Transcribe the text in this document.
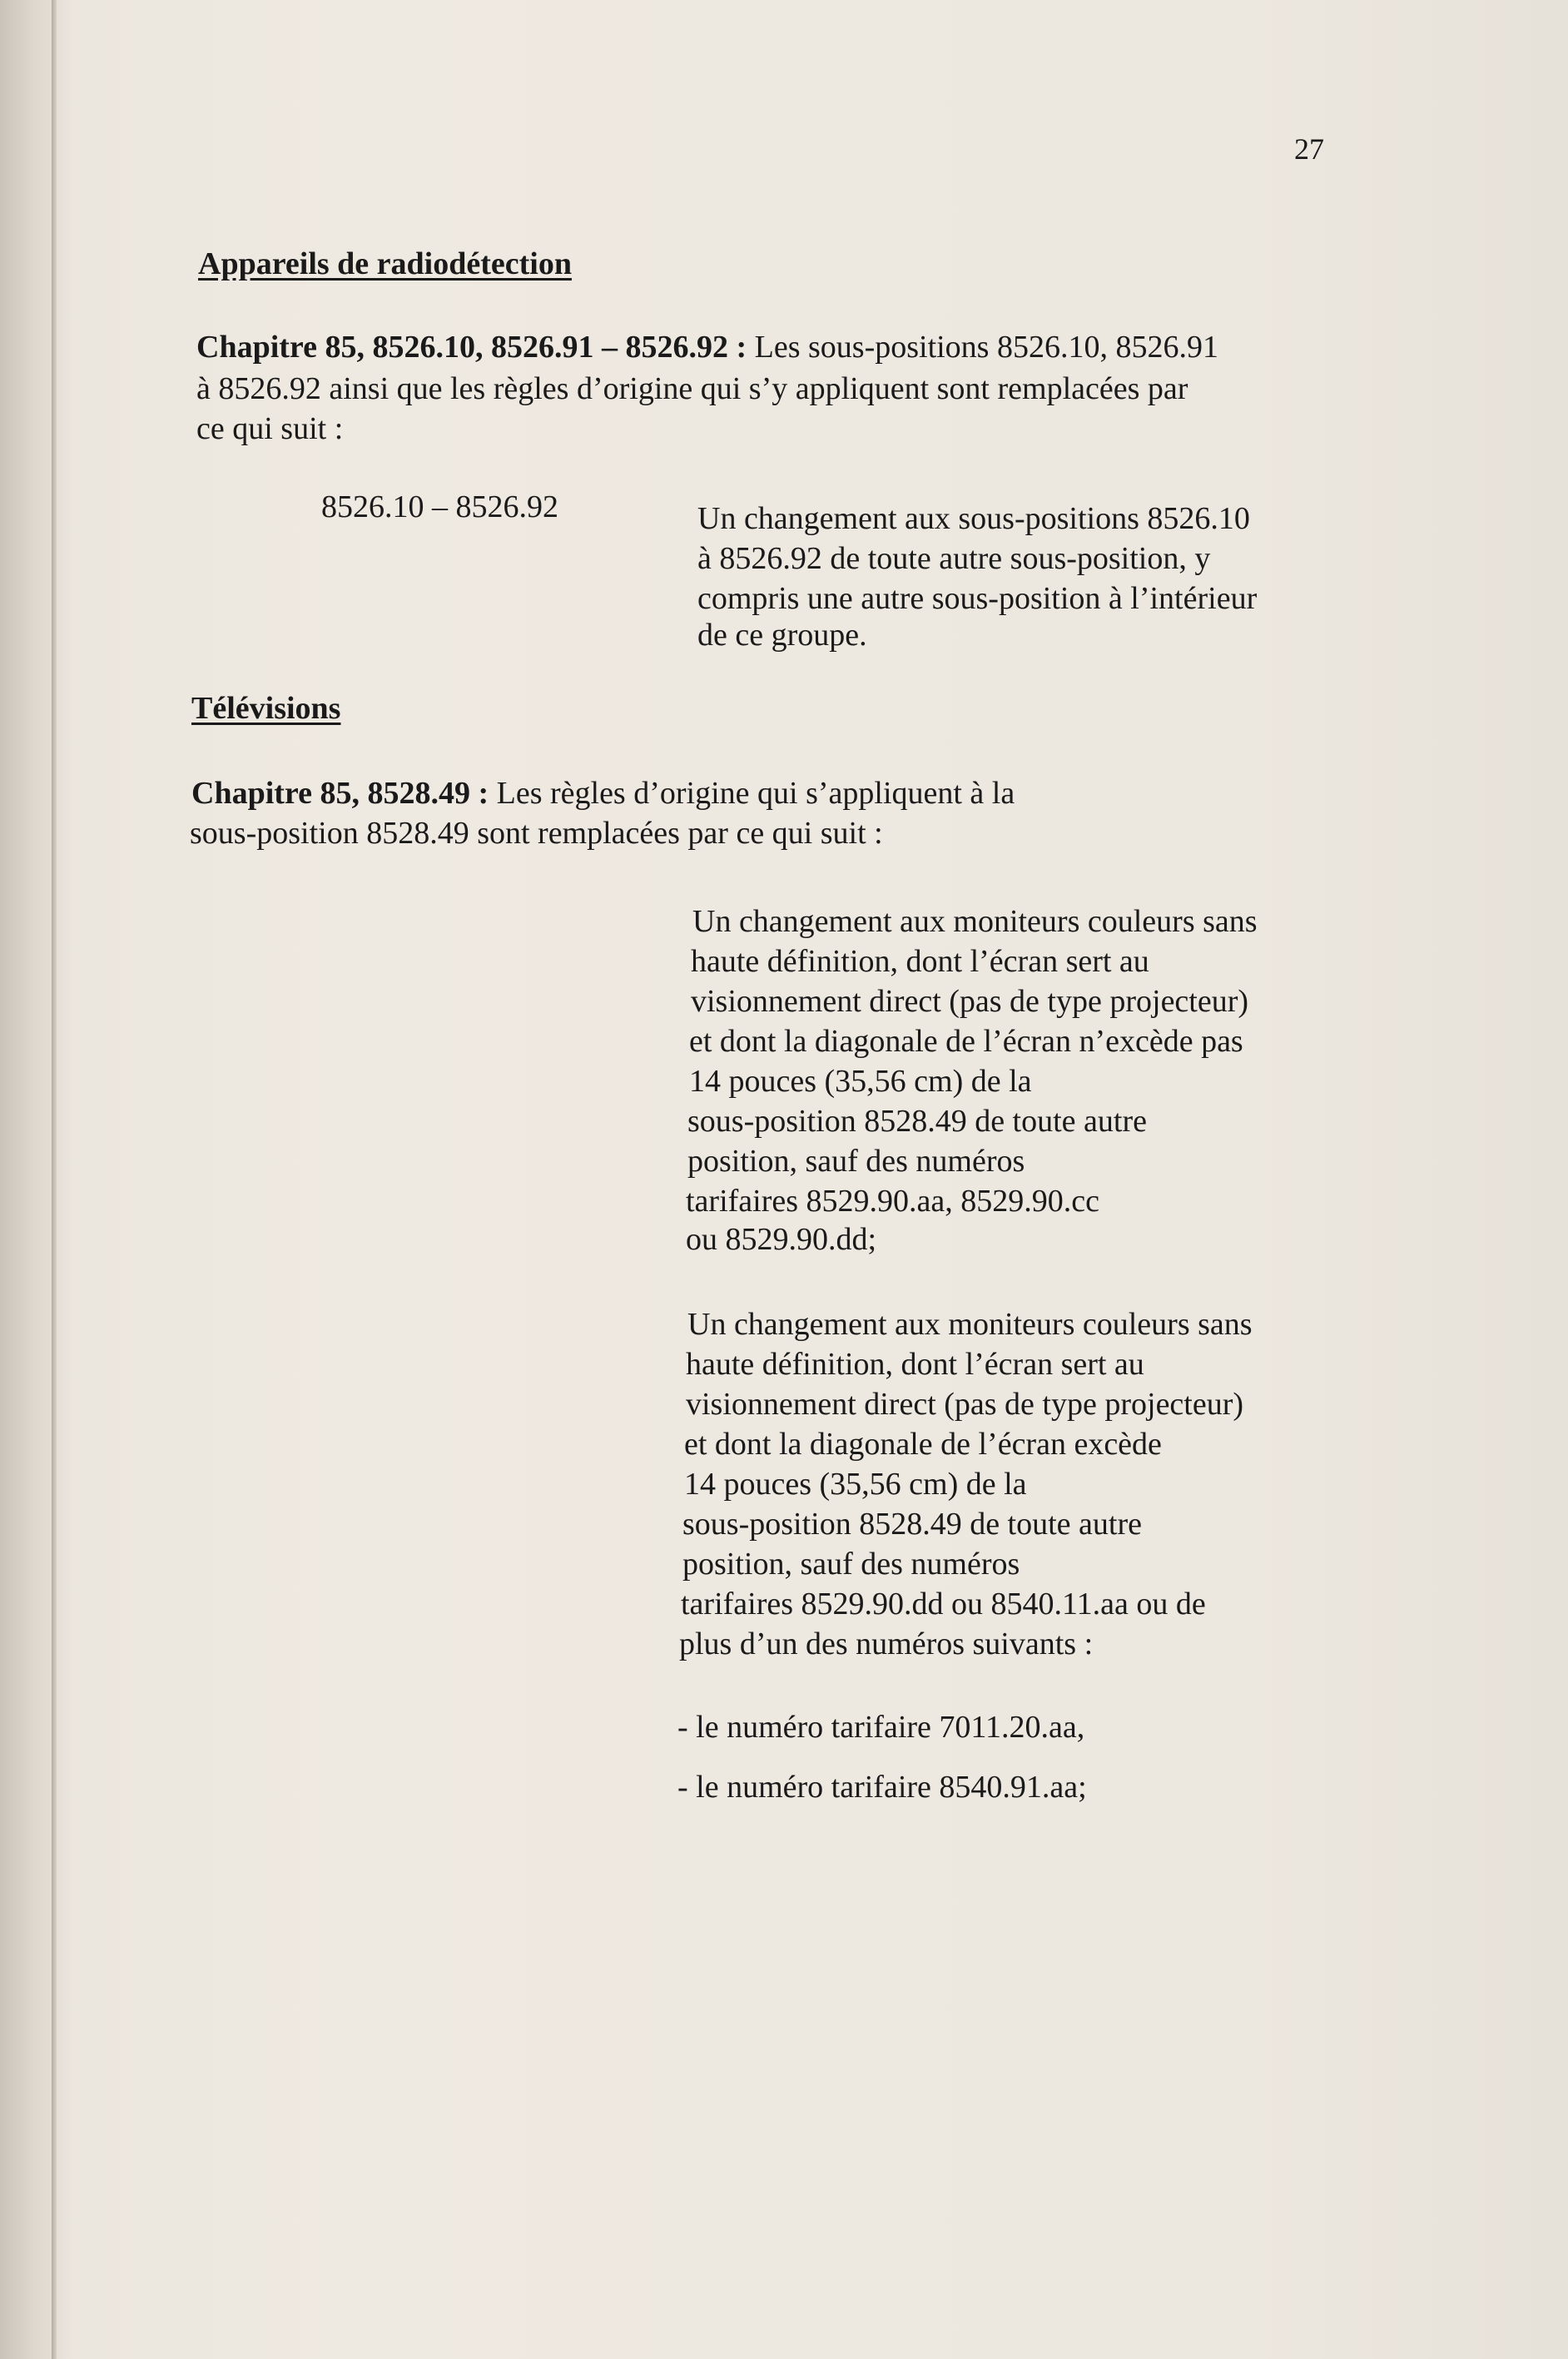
27
Appareils de radiodétection
Chapitre 85, 8526.10, 8526.91 – 8526.92 : Les sous-positions 8526.10, 8526.91
à 8526.92 ainsi que les règles d’origine qui s’y appliquent sont remplacées par
ce qui suit :
8526.10 – 8526.92	Un changement aux sous-positions 8526.10
à 8526.92 de toute autre sous-position, y
compris une autre sous-position à l’intérieur
de ce groupe.
Télévisions
Chapitre 85, 8528.49 : Les règles d’origine qui s’appliquent à la
sous-position 8528.49 sont remplacées par ce qui suit :
Un changement aux moniteurs couleurs sans
haute définition, dont l’écran sert au
visionnement direct (pas de type projecteur)
et dont la diagonale de l’écran n’excède pas
14 pouces (35,56 cm) de la
sous-position 8528.49 de toute autre
position, sauf des numéros
tarifaires 8529.90.aa, 8529.90.cc
ou 8529.90.dd;
Un changement aux moniteurs couleurs sans
haute définition, dont l’écran sert au
visionnement direct (pas de type projecteur)
et dont la diagonale de l’écran excède
14 pouces (35,56 cm) de la
sous-position 8528.49 de toute autre
position, sauf des numéros
tarifaires 8529.90.dd ou 8540.11.aa ou de
plus d’un des numéros suivants :
- le numéro tarifaire 7011.20.aa,
- le numéro tarifaire 8540.91.aa;
